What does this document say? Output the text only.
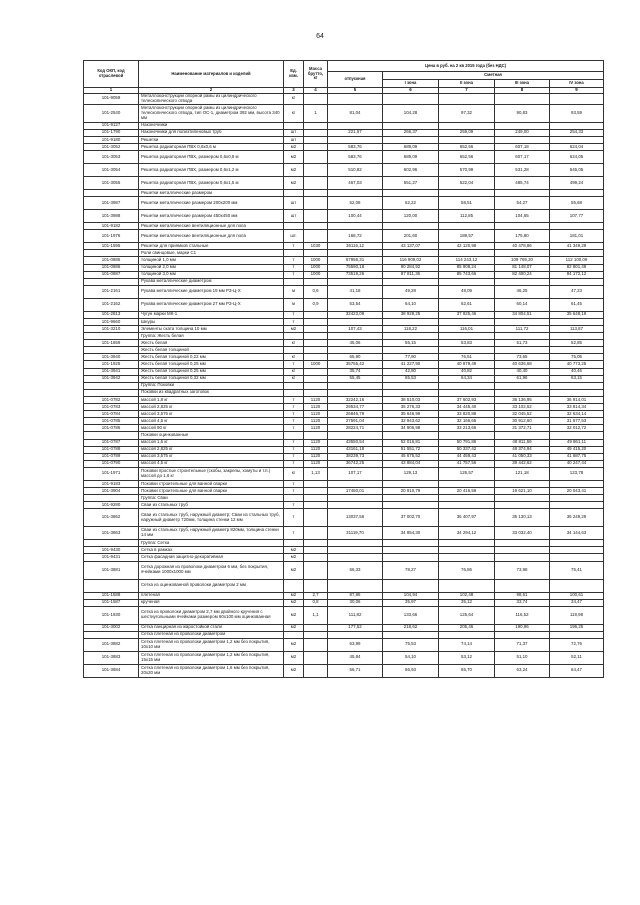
64
Код ОКП, код отраслевой	Наименование материалов и изделий	Ед. изм.	Масса брутто, кг	Цена в руб. на 2 кв 2015 года (без НДС)				
				отпускная	Сметная			
					I зона	II зона	III зона	IV зона
1	2	3	4	5	6	7	8	9
101-9059	Металлоконструкции опорной рамы из цилиндрического телескопического отвода	кг						
101-2540	Металлоконструкции опорной рамы из цилиндрического телескопического отвода, тип ОС-1, диаметром 392 мм, высота 340 мм	кг	1	81,04	104,28	97,32	90,83	93,59
101-9127	Наконечники							
101-1790	Наконечники для полиэтиленовых труб	шт		221,57	266,37	259,09	249,00	254,33
101-9180	Решетки	шт						
101-3052	Решетка радиаторная ПВХ 0,6х0,6 м	м2		583,76	689,09	652,56	607,18	624,04
101-3053	Решетка радиаторная ПВХ, размером 0,6х0,9 м	м2		583,76	689,09	652,56	607,17	624,05
101-3054	Решетка радиаторная ПВХ, размером 0,6х1,2 м	м2		510,82	602,96	570,99	531,28	546,05
101-3055	Решетка радиаторная ПВХ, размером 0,6х1,5 м	м2		467,03	551,27	522,04	485,74	499,24
	Решетки металлические размером							
101-3987	Решетки металлические размером 200х200 мм	шт		52,08	62,22	58,51	54,27	55,68
101-3988	Решетки металлические размером 450х450 мм	шт		100,44	120,00	112,85	104,65	107,77
101-9182	Решетки металлические вентиляционные для пола							
101-1976	Решетки металлические вентиляционные для пола	шт.		168,72	201,60	189,57	175,80	181,01
101-1595	Решетки для приямков стальные	т	1030	36116,12	43 137,07	42 120,98	40 478,86	41 349,29
	Роли свинцовые, марки С1							
101-0885	толщиной 1,0 мм	т	1000	67956,31	116 909,02	114 243,12	109 769,20	112 100,09
101-0886	толщиной 2,0 мм	т	1000	75590,18	90 284,92	85 908,24	81 148,07	82 801,49
101-0887	толщиной 3,0 мм	т	1000	73519,26	87 811,36	85 743,66	82 400,24	84 172,12
	Рукава металлические диаметром							
101-2161	Рукава металлические диаметром 15 мм РЗ-Ц-Х	м	0,6	41,18	49,28	48,09	46,25	47,23
101-2162	Рукава металлические диаметром 27 мм РЗ-Ц-Х	м	0,9	53,54	64,10	62,61	60,14	61,45
101-2813	Чугун марки МК-1	т		32423,09	38 929,25	37 925,46	34 804,51	35 648,19
101-9660	Шнуры	т						
101-3210	Элементы ската толщина 10 мм	м2		107,43	118,22	116,01	111,72	113,87
	Группа: Жесть белая							
101-1659	Жесть белая	кг		45,06	55,15	53,83	51,73	52,85
	Жесть белая толщиной							
101-3940	Жесть белая толщиной 0,22 мм	кг		65,90	77,90	76,51	73,65	75,05
101-1925	Жесть белая толщиной 0,25 мм	т	1000	35755,42	41 227,90	40 879,49	40 636,68	40 773,25
101-3941	Жесть белая толщиной 0,25 мм	кг		35,74	42,80	40,82	40,40	40,46
101-3942	Жесть белая толщиной 0,32 мм	кг		55,45	65,53	64,34	61,96	63,15
	Группа: Поковки							
	Поковки из квадратных заготовок							
101-0782	массой 1,8 кг	т	1120	32242,16	38 510,03	37 602,93	36 136,95	36 914,01
101-0783	массой 2,825 кг	т	1120	29534,77	35 276,33	34 445,40	33 102,52	33 814,34
101-0784	массой 3,575 кг	т	1120	26846,79	35 646,99	33 820,88	32 045,52	32 634,14
101-0785	массой 4,5 кг	т	1120	27591,04	32 943,62	32 166,65	30 912,60	31 577,53
101-0786	массой 90 кг	т	1120	28224,71	34 906,98	33 213,66	31 372,71	32 012,72
	Поковки оцинкованные							
101-0787	массой 1,6 кг	т	1120	43550,54	52 016,81	50 791,86	48 811,59	49 861,11
101-0788	массой 2,825 кг	т	1120	43161,18	51 551,72	50 337,42	48 374,94	49 415,20
101-0789	массой 3,575 кг	т	1120	38239,73	45 675,52	44 459,43	41 050,33	41 687,75
101-0790	массой 4,5 кг	т	1120	36742,25	43 884,04	41 757,56	39 442,62	40 247,44
101-1971	Поковки простые строительные (скобы, закрепы, хомуты и т.п.) массой до 1,6 кг	кг	1,13	107,17	129,13	126,57	121,18	123,78
101-9183	Поковки строительные для ванной сварки	т						
101-3904	Поковки строительные для ванной сварки	т		17460,01	20 910,79	20 416,59	19 621,10	20 043,41
	Группа: Сваи							
101-9280	Сваи из стальных труб	т						
101-3862	Сваи из стальных труб, наружный диаметр; Сваи из стальных труб, наружный диаметр 720мм, толщина стенки 12 мм	т		13037,56	37 002,70	36 407,97	35 130,13	36 249,29
101-3863	Сваи из стальных труб, наружный диаметр 820мм, толщина стенки 14 мм	т		31119,70	34 854,30	34 294,12	33 032,40	34 144,63
	Группа: Сетка							
101-9430	Сетка в рамках	м2						
101-9431	Сетка фасадная защитно-декоративная	м2						
101-3881	Сетка дорожная из проволоки диаметром 6 мм, без покрытия, ячейками 1000х1000 мм	м2		66,33	78,27	76,86	73,98	75,41
	Сетка из оцинкованной проволоки диаметром 2 мм							
101-1588	плетеная	м2	2,7	87,86	104,94	102,48	98,51	100,61
101-1587	крученая	м2	0,8	30,06	35,97	35,12	33,74	34,47
101-1930	Сетка из проволоки диаметром 2,7 мм двойного кручения с шестиугольными ячейками размером 60х100 мм оцинкованная	м2	1,1	111,82	133,66	125,64	116,52	119,98
101-3002	Сетка панцирная из жаростойкой стали	м2		177,52	218,62	205,46	190,96	196,25
	Сетка плетеная из проволоки диаметром							
101-3882	Сетка плетеная из проволоки диаметром 1,2 мм без покрытия, 10х10 мм	м2		63,99	75,53	74,14	71,37	72,76
101-3883	Сетка плетеная из проволоки диаметром 1,2 мм без покрытия, 15х15 мм	м2		45,84	54,10	53,12	51,10	52,11
101-3884	Сетка плетеная из проволоки диаметром 1,6 мм без покрытия, 20х20 мм	м2		56,71	66,93	65,70	63,24	64,47
